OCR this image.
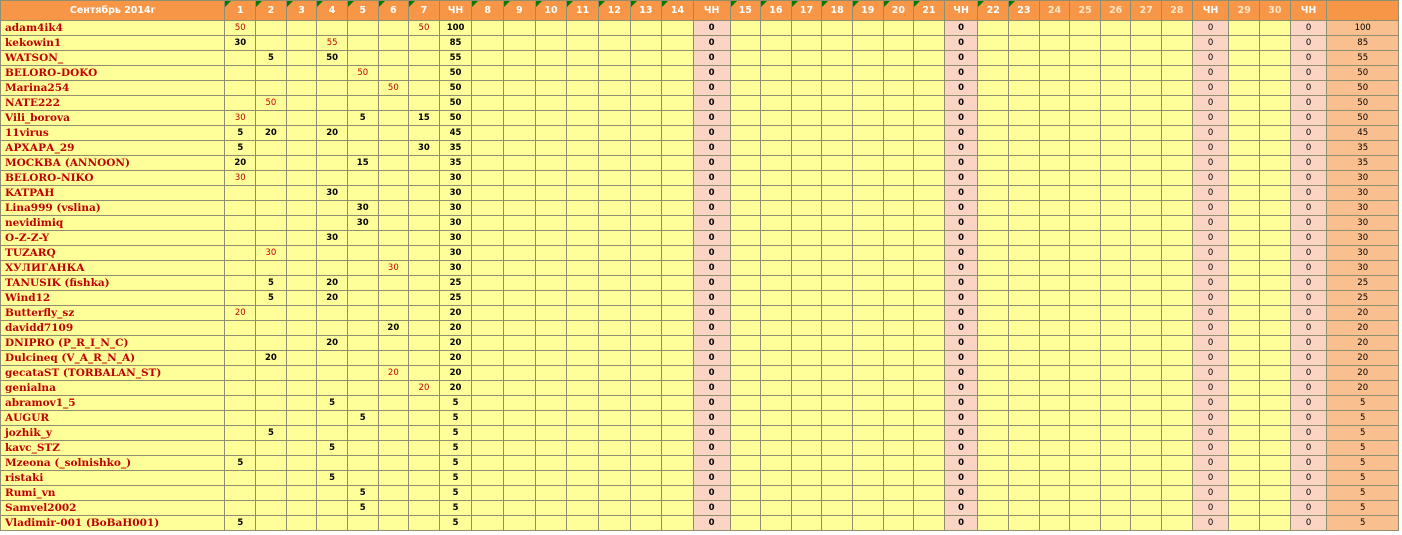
Сентябрь 2014г	1	2	3	4	5	6	7	ЧН	8	9	10	11	12	13	14	ЧН	15	16	17	18	19	20	21	ЧН	22	23	24	25	26	27	28	ЧН	29	30	ЧН	
adam4ik4	50						50	100								0								0								0			0	100
kekowin1	30			55				85								0								0								0			0	85
WATSON_		5		50				55								0								0								0			0	55
BELORO-DOKO					50			50								0								0								0			0	50
Marina254						50		50								0								0								0			0	50
NATE222		50						50								0								0								0			0	50
Vili_borova	30				5		15	50								0								0								0			0	50
11virus	5	20		20				45								0								0								0			0	45
АРХАРА_29	5						30	35								0								0								0			0	35
МОСКВА (ANNOON)	20				15			35								0								0								0			0	35
BELORO-NIKO	30							30								0								0								0			0	30
KATPAH				30				30								0								0								0			0	30
Lina999 (vslina)					30			30								0								0								0			0	30
nevidimiq					30			30								0								0								0			0	30
O-Z-Z-Y				30				30								0								0								0			0	30
TUZARQ		30						30								0								0								0			0	30
ХУЛИГАНКА						30		30								0								0								0			0	30
TANUSIK (fishka)		5		20				25								0								0								0			0	25
Wind12		5		20				25								0								0								0			0	25
Butterfly_sz	20							20								0								0								0			0	20
davidd7109						20		20								0								0								0			0	20
DNIPRO (P_R_I_N_C)				20				20								0								0								0			0	20
Dulcineq (V_A_R_N_A)		20						20								0								0								0			0	20
gecataST (TORBALAN_ST)						20		20								0								0								0			0	20
genialna							20	20								0								0								0			0	20
abramov1_5				5				5								0								0								0			0	5
AUGUR					5			5								0								0								0			0	5
jozhik_y		5						5								0								0								0			0	5
kavc_STZ				5				5								0								0								0			0	5
Mzeona (_solnishko_)	5							5								0								0								0			0	5
ristaki				5				5								0								0								0			0	5
Rumi_vn					5			5								0								0								0			0	5
Samvel2002					5			5								0								0								0			0	5
Vladimir-001 (BoBaH001)	5							5								0								0								0			0	5
